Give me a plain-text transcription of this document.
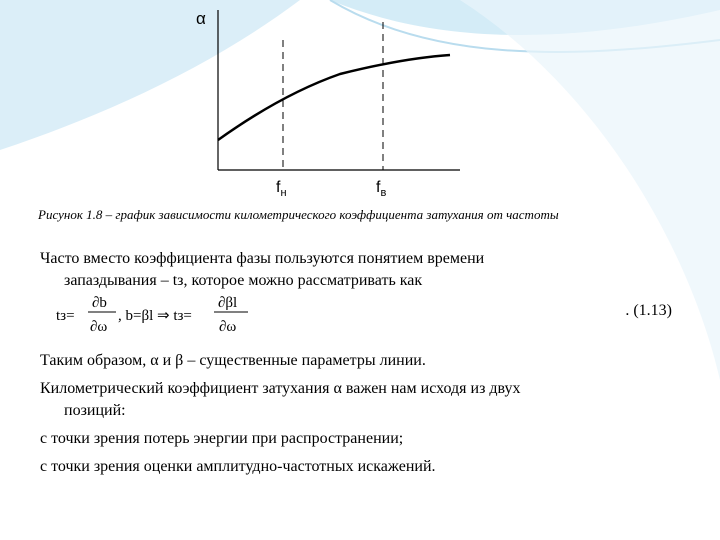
α
$f_н$	$f_в$
Рисунок 1.8 – график зависимости километрического коэффициента затухания от частоты
Часто вместо коэффициента фазы пользуются понятием времени
запаздывания – tз, которое можно рассматривать как
tз=
∂b
∂ω
, b=βl ⇒ tз=
∂βl
∂ω
. (1.13)
Таким образом, α и β – существенные параметры линии.
Километрический коэффициент затухания α важен нам исходя из двух
позиций:
с точки зрения потерь энергии при распространении;
с точки зрения оценки амплитудно-частотных искажений.
